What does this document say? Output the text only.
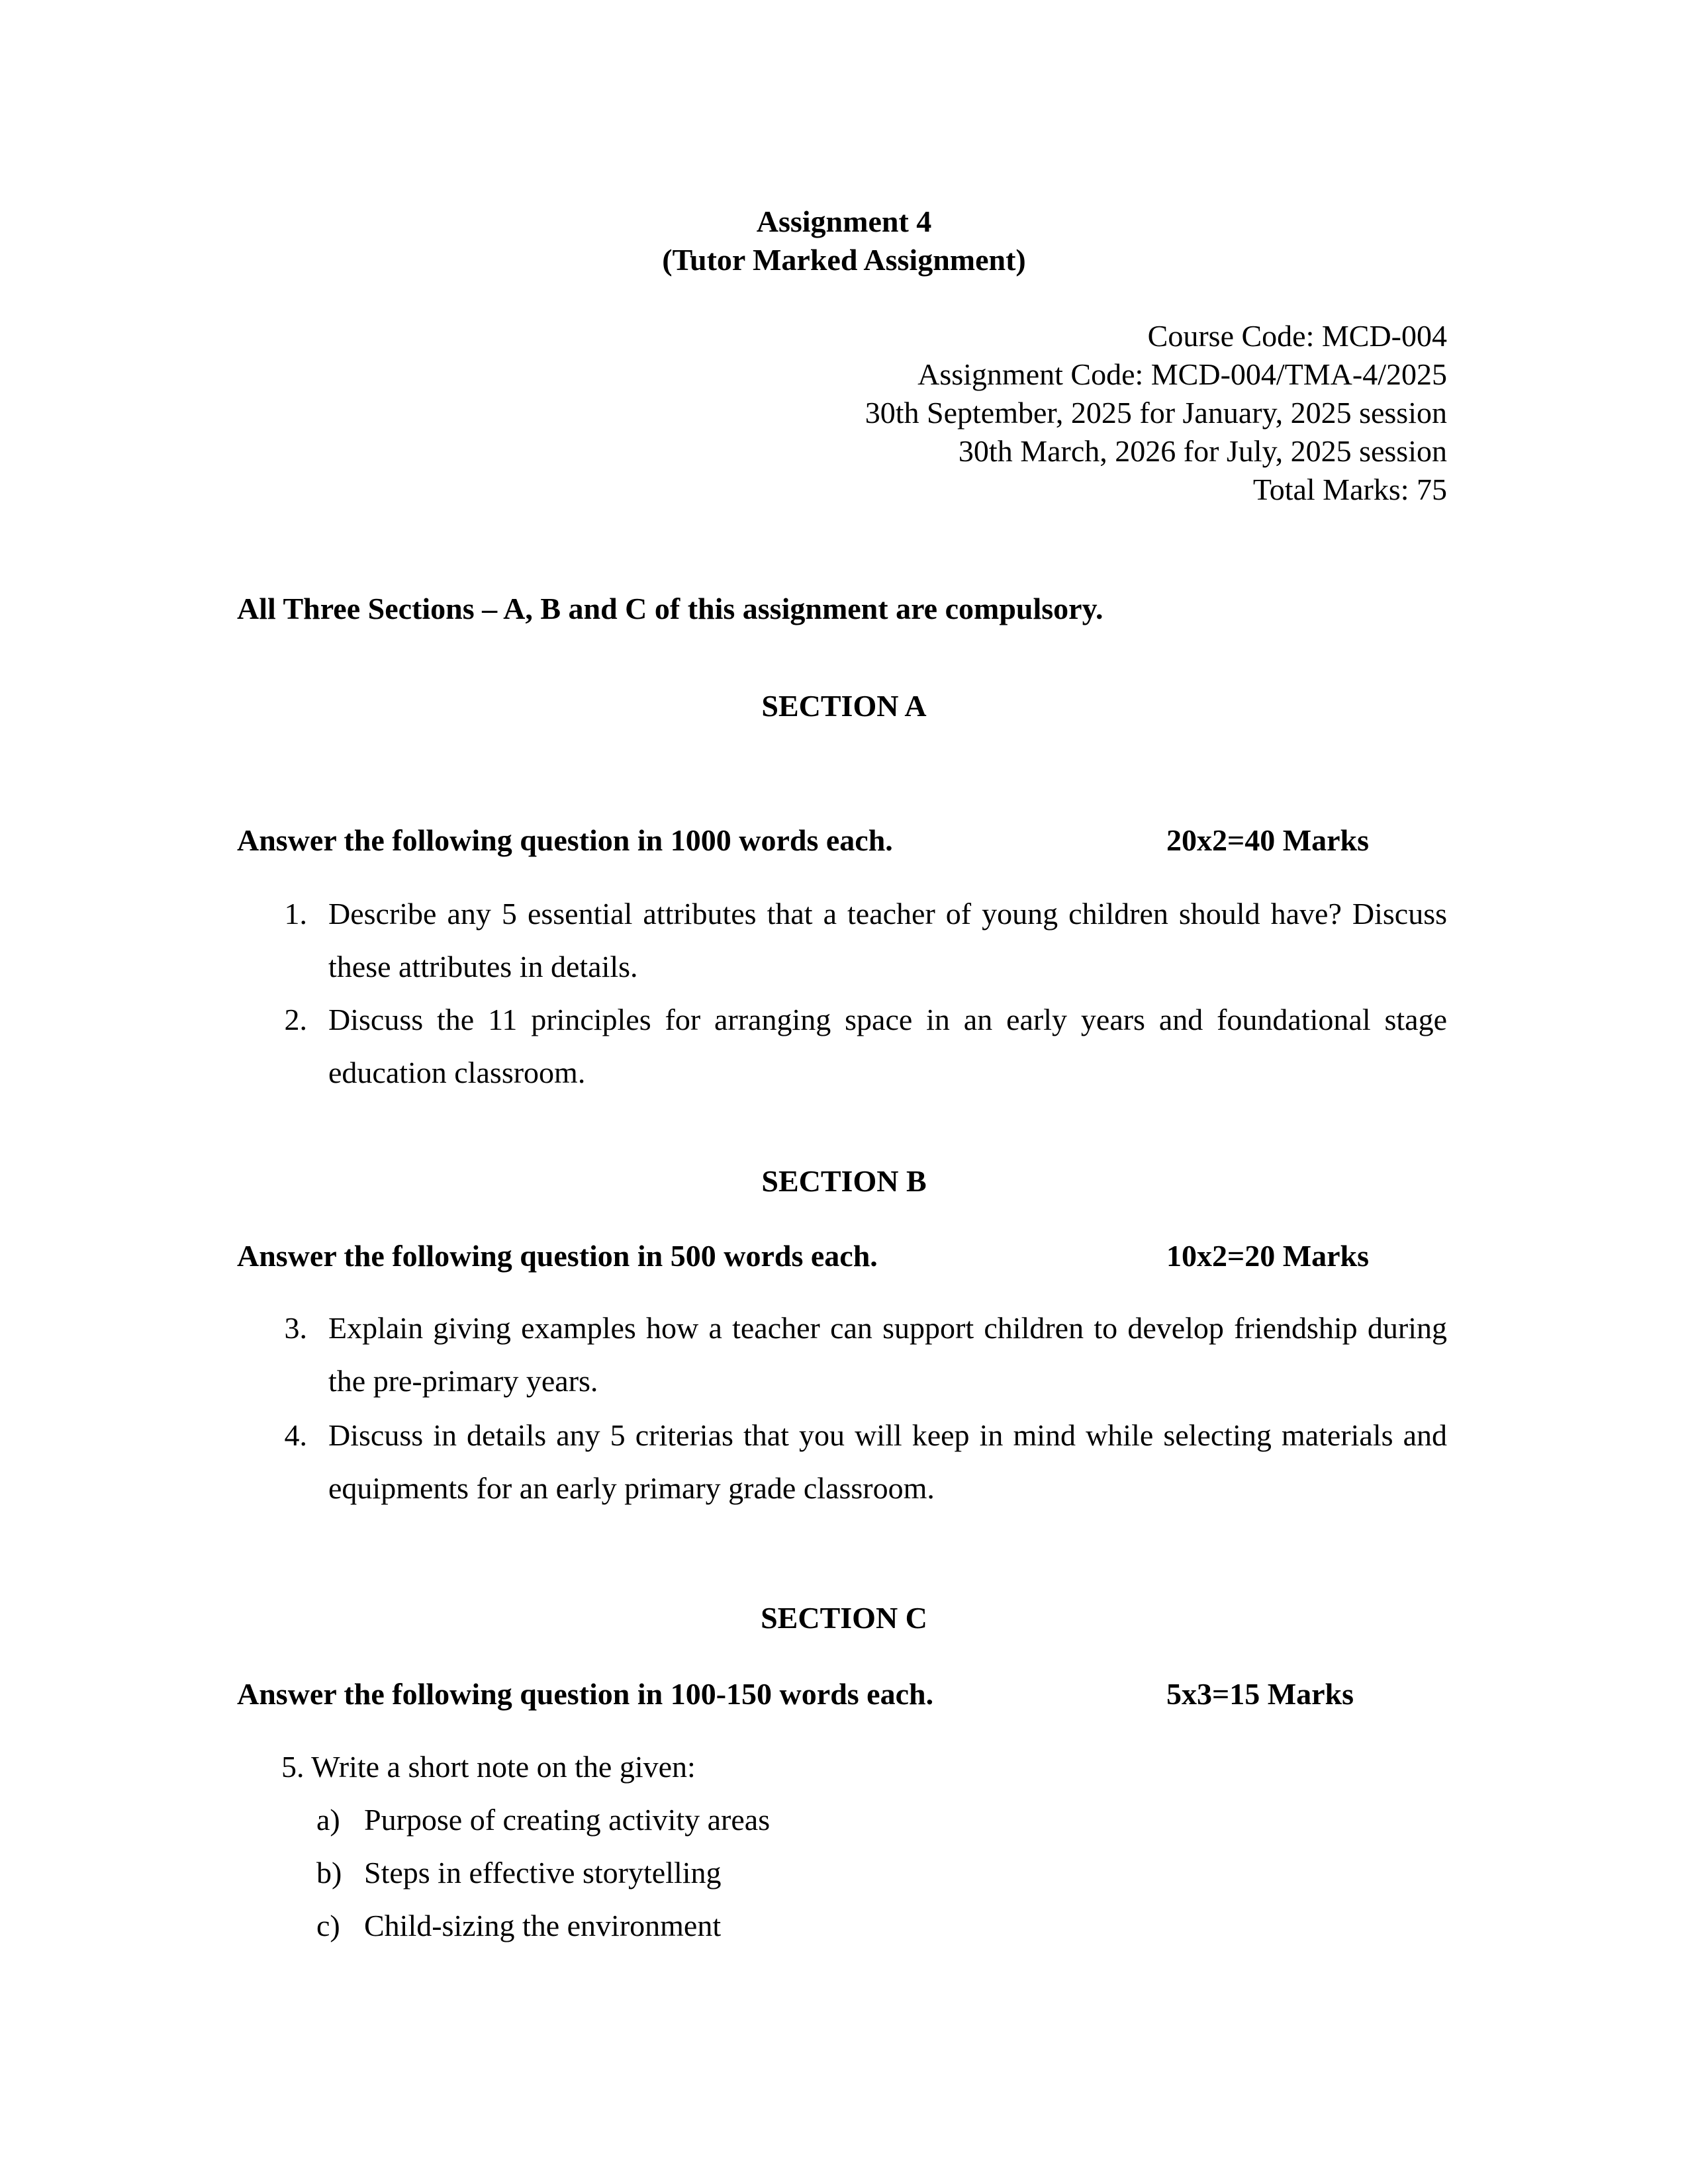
Assignment 4
(Tutor Marked Assignment)
Course Code: MCD-004
Assignment Code: MCD-004/TMA-4/2025
30th September, 2025 for January, 2025 session
30th March, 2026 for July, 2025 session
Total Marks: 75
All Three Sections – A, B and C of this assignment are compulsory.
SECTION A
Answer the following question in 1000 words each.	20x2=40 Marks
1. Describe any 5 essential attributes that a teacher of young children should have? Discuss
these attributes in details.
2. Discuss the 11 principles for arranging space in an early years and foundational stage
education classroom.
SECTION B
Answer the following question in 500 words each.	10x2=20 Marks
3. Explain giving examples how a teacher can support children to develop friendship during
the pre-primary years.
4. Discuss in details any 5 criterias that you will keep in mind while selecting materials and
equipments for an early primary grade classroom.
SECTION C
Answer the following question in 100-150 words each.	5x3=15 Marks
5. Write a short note on the given:
a) Purpose of creating activity areas
b) Steps in effective storytelling
c) Child-sizing the environment
